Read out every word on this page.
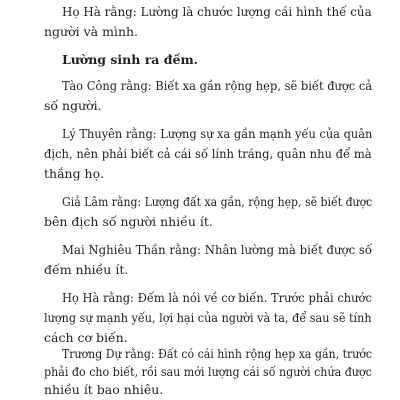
Họ Hà rằng: Lường là chước lượng cái hình thế của
người và mình.
Lường sinh ra đếm.
Tào Công rằng: Biết xa gần rộng hẹp, sẽ biết được cả
số người.
Lý Thuyên rằng: Lượng sự xa gần mạnh yếu của quân
địch, nên phải biết cả cái số lính tráng, quân nhu để mà
thắng họ.
Giả Lâm rằng: Lượng đất xa gần, rộng hẹp, sẽ biết được
bên địch số người nhiều ít.
Mai Nghiêu Thần rằng: Nhân lường mà biết được số
đếm nhiều ít.
Họ Hà rằng: Đếm là nói về cơ biến. Trước phải chước
lượng sự mạnh yếu, lợi hại của người và ta, để sau sẽ tính
cách cơ biến.
Trương Dự rằng: Đất có cái hình rộng hẹp xa gần, trước
phải đo cho biết, rồi sau mới lượng cái số người chứa được
nhiều ít bao nhiêu.
